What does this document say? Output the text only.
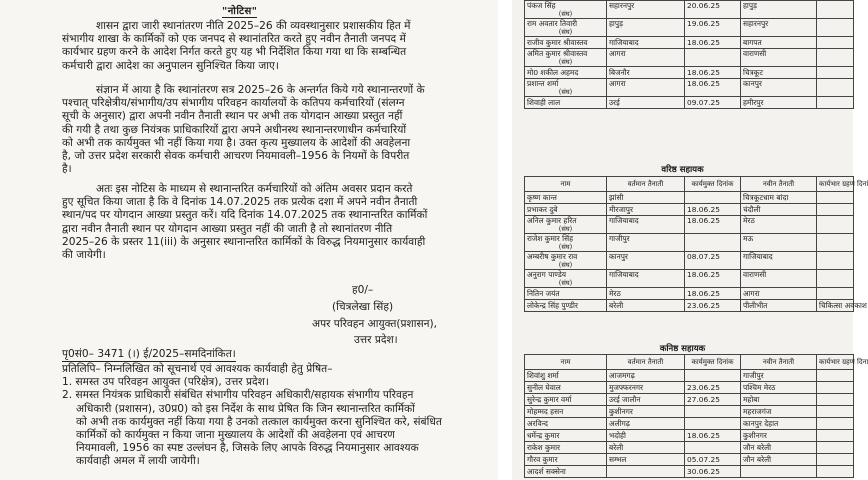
"नोटिस"
शासन द्वारा जारी स्थानांतरण नीति 2025–26 की व्यवस्थानुसार प्रशासकीय हित में
संभागीय शाखा के कार्मिकों को एक जनपद से स्थानांतरित करते हुए नवीन तैनाती जनपद में
कार्यभार ग्रहण करने के आदेश निर्गत करते हुए यह भी निर्देशित किया गया था कि सम्बन्धित
कर्मचारी द्वारा आदेश का अनुपालन सुनिश्चित किया जाए।
संज्ञान में आया है कि स्थानांतरण सत्र 2025–26 के अन्तर्गत किये गये स्थानान्तरणों के
पश्चात् परिक्षेत्रीय/संभागीय/उप संभागीय परिवहन कार्यालयों के कतिपय कर्मचारियों (संलग्न
सूची के अनुसार) द्वारा अपनी नवीन तैनाती स्थान पर अभी तक योगदान आख्या प्रस्तुत नहीं
की गयी है तथा कुछ नियंत्रक प्राधिकारियों द्वारा अपने अधीनस्थ स्थानान्तरणाधीन कर्मचारियों
को अभी तक कार्यमुक्त भी नहीं किया गया है। उक्त कृत्य मुख्यालय के आदेशों की अवहेलना
है, जो उत्तर प्रदेश सरकारी सेवक कर्मचारी आचरण नियमावली–1956 के नियमों के विपरीत
है।
अतः इस नोटिस के माध्यम से स्थानान्तरित कर्मचारियों को अंतिम अवसर प्रदान करते
हुए सूचित किया जाता है कि वे दिनांक 14.07.2025 तक प्रत्येक दशा में अपने नवीन तैनाती
स्थान/पद पर योगदान आख्या प्रस्तुत करें। यदि दिनांक 14.07.2025 तक स्थानान्तरित कार्मिकों
द्वारा नवीन तैनाती स्थान पर योगदान आख्या प्रस्तुत नहीं की जाती है तो स्थानांतरण नीति
2025–26 के प्रस्तर 11(iii) के अनुसार स्थानान्तरित कार्मिकों के विरुद्ध नियमानुसार कार्यवाही
की जायेगी।
ह0/–
(चित्रलेखा सिंह)
अपर परिवहन आयुक्त(प्रशासन),
उत्तर प्रदेश।
पृ0सं0– 3471 (।) ई/2025–समदिनांकित।
प्रतिलिपि– निम्नलिखित को सूचनार्थ एवं आवश्यक कार्यवाही हेतु प्रेषित–
1. समस्त उप परिवहन आयुक्त (परिक्षेत्र), उत्तर प्रदेश।
2. समस्त नियंत्रक प्राधिकारी संबंधित संभागीय परिवहन अधिकारी/सहायक संभागीय परिवहन
अधिकारी (प्रशासन), उ0प्र0) को इस निर्देश के साथ प्रेषित कि जिन स्थानान्तरित कार्मिकों
को अभी तक कार्यमुक्त नहीं किया गया है उनको तत्काल कार्यमुक्त करना सुनिश्चित करे, संबंधित
कार्मिकों को कार्यमुक्त न किया जाना मुख्यालय के आदेशों की अवहेलना एवं आचरण
नियमावली, 1956 का स्पष्ट उल्लंघन है, जिसके लिए आपके विरुद्ध नियमानुसार आवश्यक
कार्यवाही अमल में लायी जायेगी।
पंकज सिंह
(संघ)	सहारनपुर	20.06.25	हापुड़	
राम अवतार तिवारी
(संघ)	हापुड़	19.06.25	सहारनपुर	
राजीव कुमार श्रीवास्तव	गाजियाबाद	18.06.25	बागपत	
अमित कुमार श्रीवास्तव
(संघ)	आगरा		वाराणसी	
मो0 शकील अहमद	बिजनौर	18.06.25	चित्रकूट	
प्रशान्त शर्मा
(संघ)	आगरा	18.06.25	कानपुर	
शिवाही लाल	उरई	09.07.25	हमीरपुर	
वरिष्ठ सहायक
नाम	वर्तमान तैनाती	कार्यमुक्त दिनांक	नवीन तैनाती	कार्यभार ग्रहण दिनां
कृष्ण कान्त	झांसी		चित्रकूटधाम बांदा	
प्रभाकर दुबे	मीरजापुर	18.06.25	चंदौली	
अनिल कुमार हरित
(संघ)	गाजियाबाद	18.06.25	मेरठ	
राजेश कुमार सिंह
(संघ)	गाजीपुर		मऊ	
अम्बरीष कुमार राव
(संघ)	कानपुर	08.07.25	गाजियाबाद	
अनुराग पाण्डेय
(संघ)	गाजियाबाद	18.06.25	वाराणसी	
नितिन जयंत	मेरठ	18.06.25	आगरा	
लोकेन्द्र सिंह पुण्डीर	बरेली	23.06.25	पीलीभीत	चिकित्सा अवकाश
कनिष्ठ सहायक
नाम	वर्तमान तैनाती	कार्यमुक्त दिनांक	नवीन तैनाती	कार्यभार ग्रहण दिना
शिवांशु शर्मा	आजमगढ़		गाजीपुर	
सुनील घेवाल	मुजफ्फरनगर	23.06.25	पश्चिम मेरठ	
सुरेन्द्र कुमार वर्मा	उरई जालौन	27.06.25	महोबा	
मोहम्मद हसन	कुशीनगर		महराजगंज	
अरविन्द	अलीगढ़		कानपुर देहात	
धर्मेन्द्र कुमार	भदोही	18.06.25	कुशीनगर	
राकेश कुमार	बरेली		जौन बरेली	
गौरव कुमार	सम्भल	05.07.25	जौन बरेली	
आदर्श सक्सेना		30.06.25		
